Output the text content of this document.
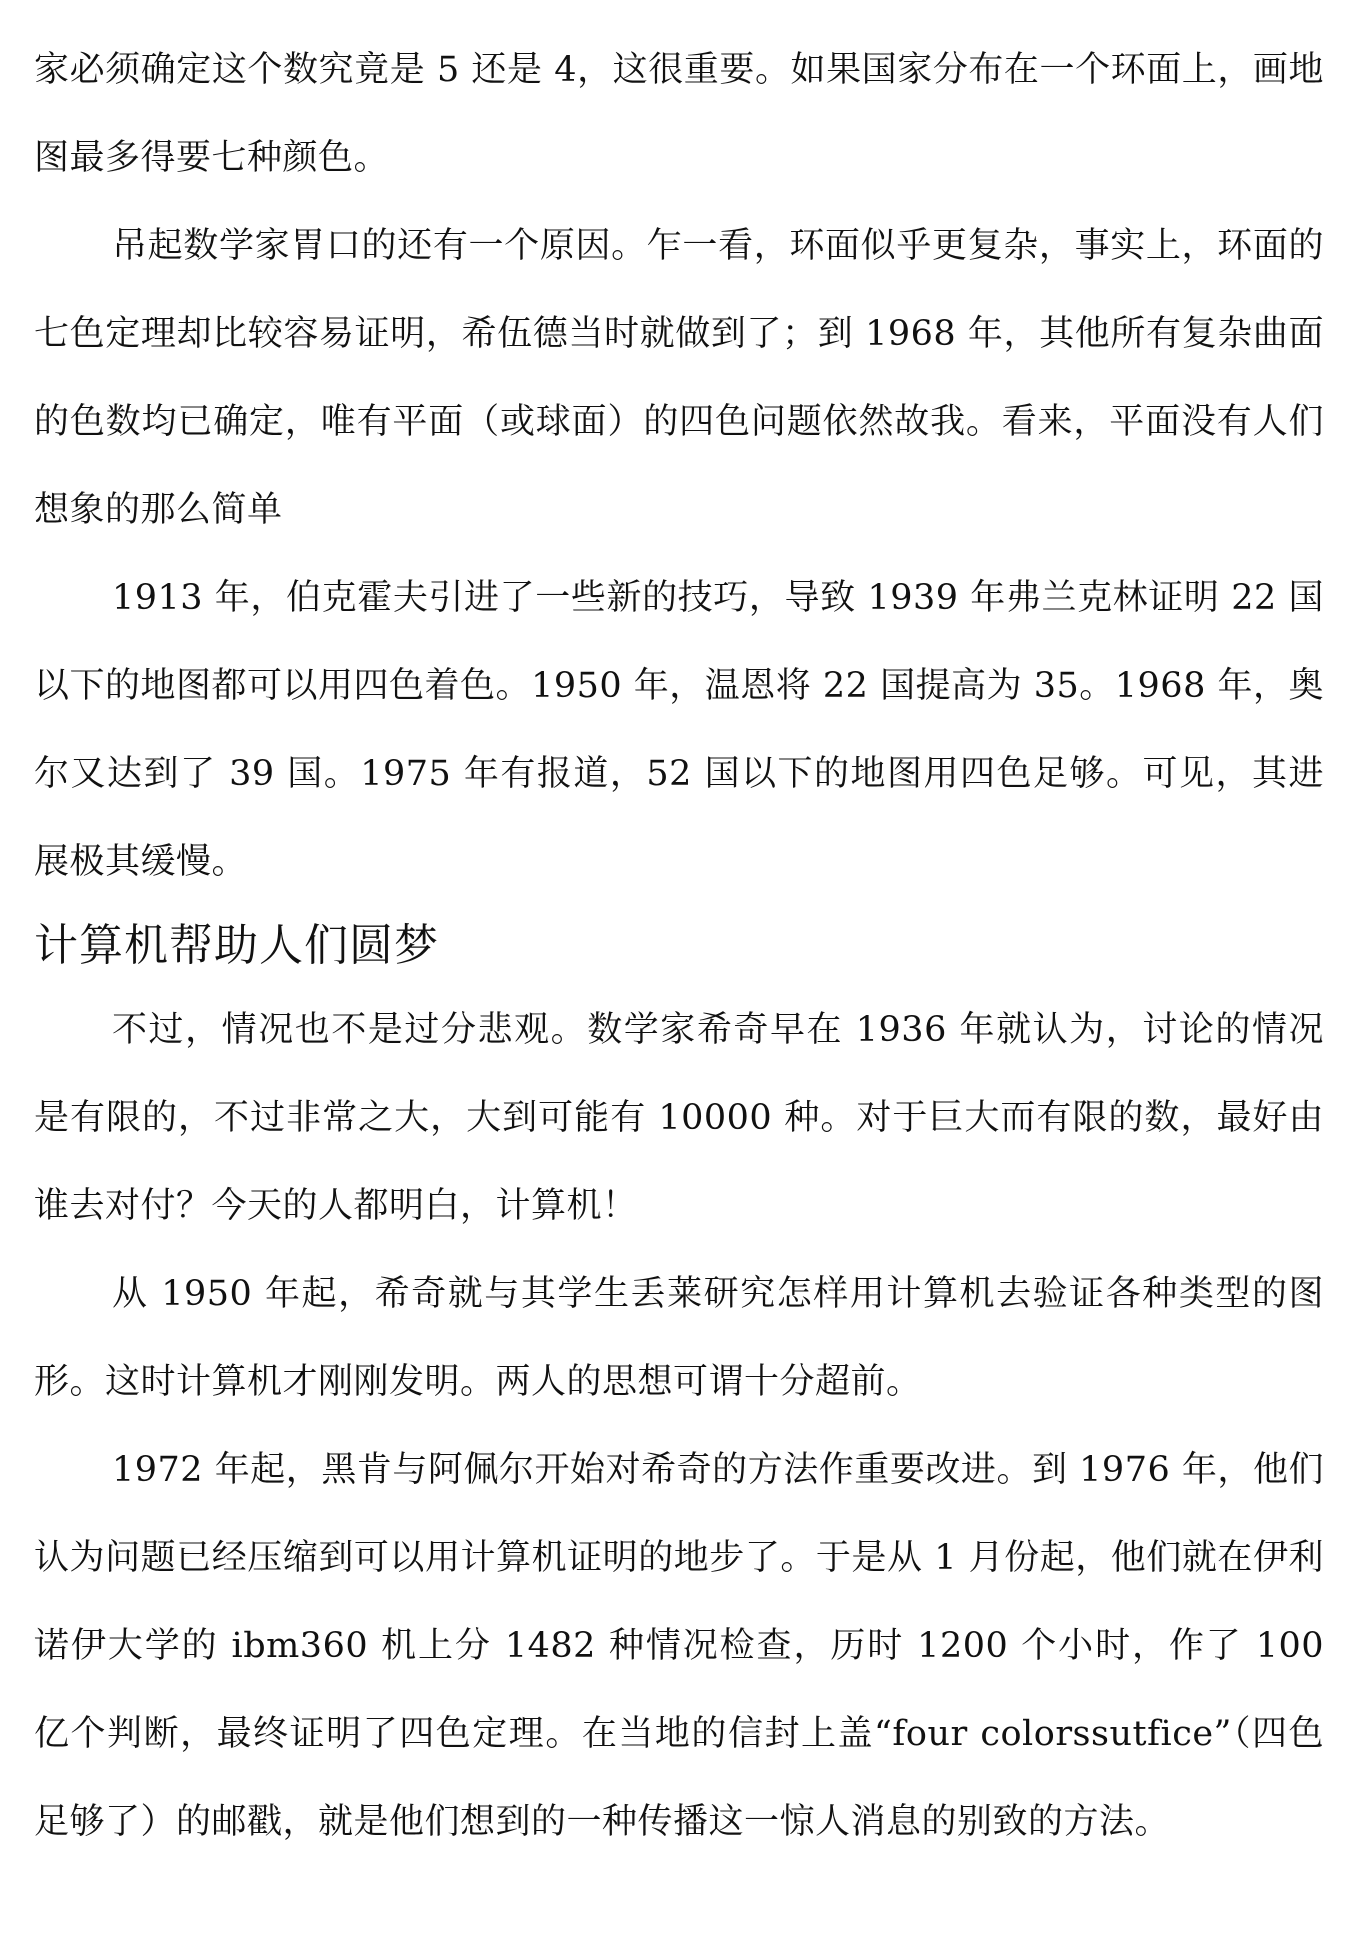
家必须确定这个数究竟是 5 还是 4，这很重要。如果国家分布在一个环面上，画地图最多得要七种颜色。

吊起数学家胃口的还有一个原因。乍一看，环面似乎更复杂，事实上，环面的七色定理却比较容易证明，希伍德当时就做到了；到 1968 年，其他所有复杂曲面的色数均已确定，唯有平面（或球面）的四色问题依然故我。看来，平面没有人们想象的那么简单

1913 年，伯克霍夫引进了一些新的技巧，导致 1939 年弗兰克林证明 22 国以下的地图都可以用四色着色。1950 年，温恩将 22 国提高为 35。1968 年，奥尔又达到了 39 国。1975 年有报道，52 国以下的地图用四色足够。可见，其进展极其缓慢。

计算机帮助人们圆梦

不过，情况也不是过分悲观。数学家希奇早在 1936 年就认为，讨论的情况是有限的，不过非常之大，大到可能有 10000 种。对于巨大而有限的数，最好由谁去对付？今天的人都明白，计算机！

从 1950 年起，希奇就与其学生丢莱研究怎样用计算机去验证各种类型的图形。这时计算机才刚刚发明。两人的思想可谓十分超前。

1972 年起，黑肯与阿佩尔开始对希奇的方法作重要改进。到 1976 年，他们认为问题已经压缩到可以用计算机证明的地步了。于是从 1 月份起，他们就在伊利诺伊大学的 ibm360 机上分 1482 种情况检查，历时 1200 个小时，作了 100 亿个判断，最终证明了四色定理。在当地的信封上盖“four colorssutfice”（四色足够了）的邮戳，就是他们想到的一种传播这一惊人消息的别致的方法。
